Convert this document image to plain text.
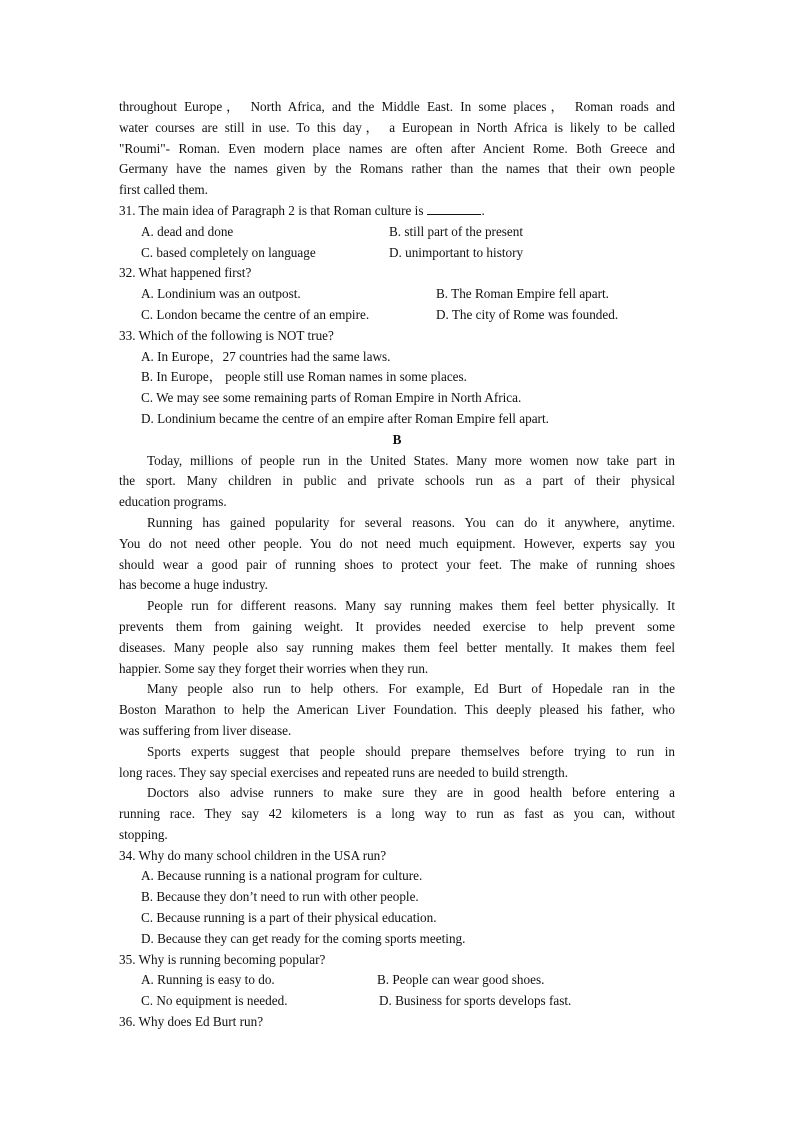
throughout Europe， North Africa, and the Middle East. In some places， Roman roads and
water courses are still in use. To this day， a European in North Africa is likely to be called
"Roumi"- Roman. Even modern place names are often after Ancient Rome. Both Greece and
Germany have the names given by the Romans rather than the names that their own people
first called them.
31. The main idea of Paragraph 2 is that Roman culture is	.
A. dead and done	B. still part of the present
C. based completely on language	D. unimportant to history
32. What happened first?
A. Londinium was an outpost.	B. The Roman Empire fell apart.
C. London became the centre of an empire.	D. The city of Rome was founded.
33. Which of the following is NOT true?
A. In Europe，27 countries had the same laws.
B. In Europe， people still use Roman names in some places.
C. We may see some remaining parts of Roman Empire in North Africa.
D. Londinium became the centre of an empire after Roman Empire fell apart.
B
Today, millions of people run in the United States. Many more women now take part in
the sport. Many children in public and private schools run as a part of their physical
education programs.
Running has gained popularity for several reasons. You can do it anywhere, anytime.
You do not need other people. You do not need much equipment. However, experts say you
should wear a good pair of running shoes to protect your feet. The make of running shoes
has become a huge industry.
People run for different reasons. Many say running makes them feel better physically. It
prevents them from gaining weight. It provides needed exercise to help prevent some
diseases. Many people also say running makes them feel better mentally. It makes them feel
happier. Some say they forget their worries when they run.
Many people also run to help others. For example, Ed Burt of Hopedale ran in the
Boston Marathon to help the American Liver Foundation. This deeply pleased his father, who
was suffering from liver disease.
Sports experts suggest that people should prepare themselves before trying to run in
long races. They say special exercises and repeated runs are needed to build strength.
Doctors also advise runners to make sure they are in good health before entering a
running race. They say 42 kilometers is a long way to run as fast as you can, without
stopping.
34. Why do many school children in the USA run?
A. Because running is a national program for culture.
B. Because they don’t need to run with other people.
C. Because running is a part of their physical education.
D. Because they can get ready for the coming sports meeting.
35. Why is running becoming popular?
A. Running is easy to do.	B. People can wear good shoes.
C. No equipment is needed.	D. Business for sports develops fast.
36. Why does Ed Burt run?
